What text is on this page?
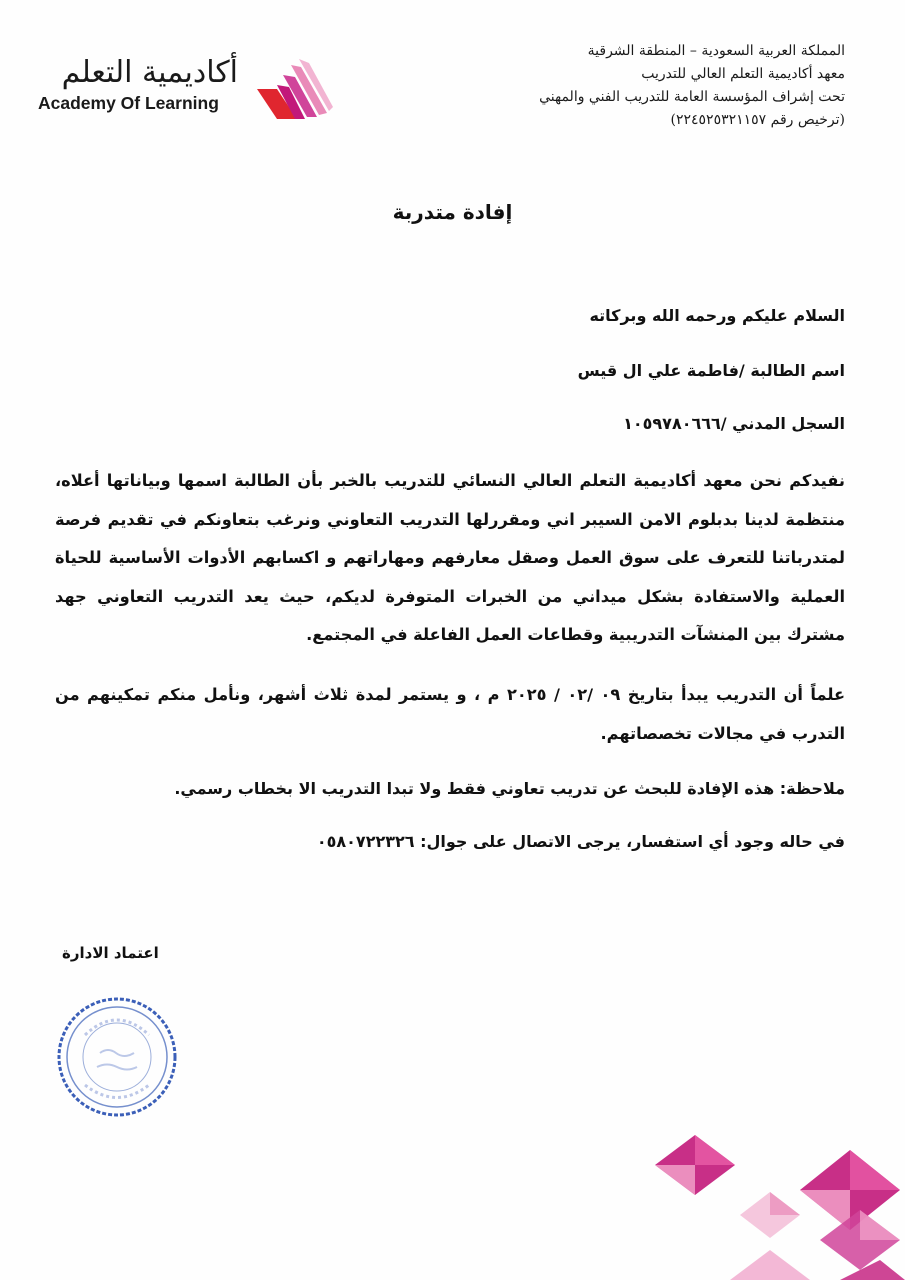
المملكة العربية السعودية – المنطقة الشرقية
معهد أكاديمية التعلم العالي للتدريب
تحت إشراف المؤسسة العامة للتدريب الفني والمهني
(ترخيص رقم ٢٢٤٥٢٥٣٢١١٥٧)
أكاديمية التعلم
Academy Of Learning
إفادة متدربة
السلام عليكم ورحمه الله وبركاته
اسم الطالبة /فاطمة علي ال قيس
السجل المدني /١٠٥٩٧٨٠٦٦٦
نفيدكم نحن معهد أكاديمية التعلم العالي النسائي للتدريب بالخبر بأن الطالبة اسمها وبياناتها أعلاه، منتظمة لدينا بدبلوم الامن السيبر اني ومقررلها التدريب التعاوني ونرغب بتعاونكم في تقديم فرصة لمتدرباتنا للتعرف على سوق العمل وصقل معارفهم ومهاراتهم و اكسابهم الأدوات الأساسية للحياة العملية والاستفادة بشكل ميداني من الخبرات المتوفرة لديكم، حيث يعد التدريب التعاوني جهد مشترك بين المنشآت التدريبية وقطاعات العمل الفاعلة في المجتمع.
علماً أن التدريب يبدأ بتاريخ ٠٩ /٠٢ / ٢٠٢٥ م ، و يستمر لمدة ثلاث أشهر، ونأمل منكم تمكينهم من التدرب في مجالات تخصصاتهم.
ملاحظة: هذه الإفادة للبحث عن تدريب تعاوني فقط ولا تبدا التدريب الا بخطاب رسمي.
في حاله وجود أي استفسار، يرجى الاتصال على جوال: ٠٥٨٠٧٢٢٣٢٦
اعتماد الادارة
